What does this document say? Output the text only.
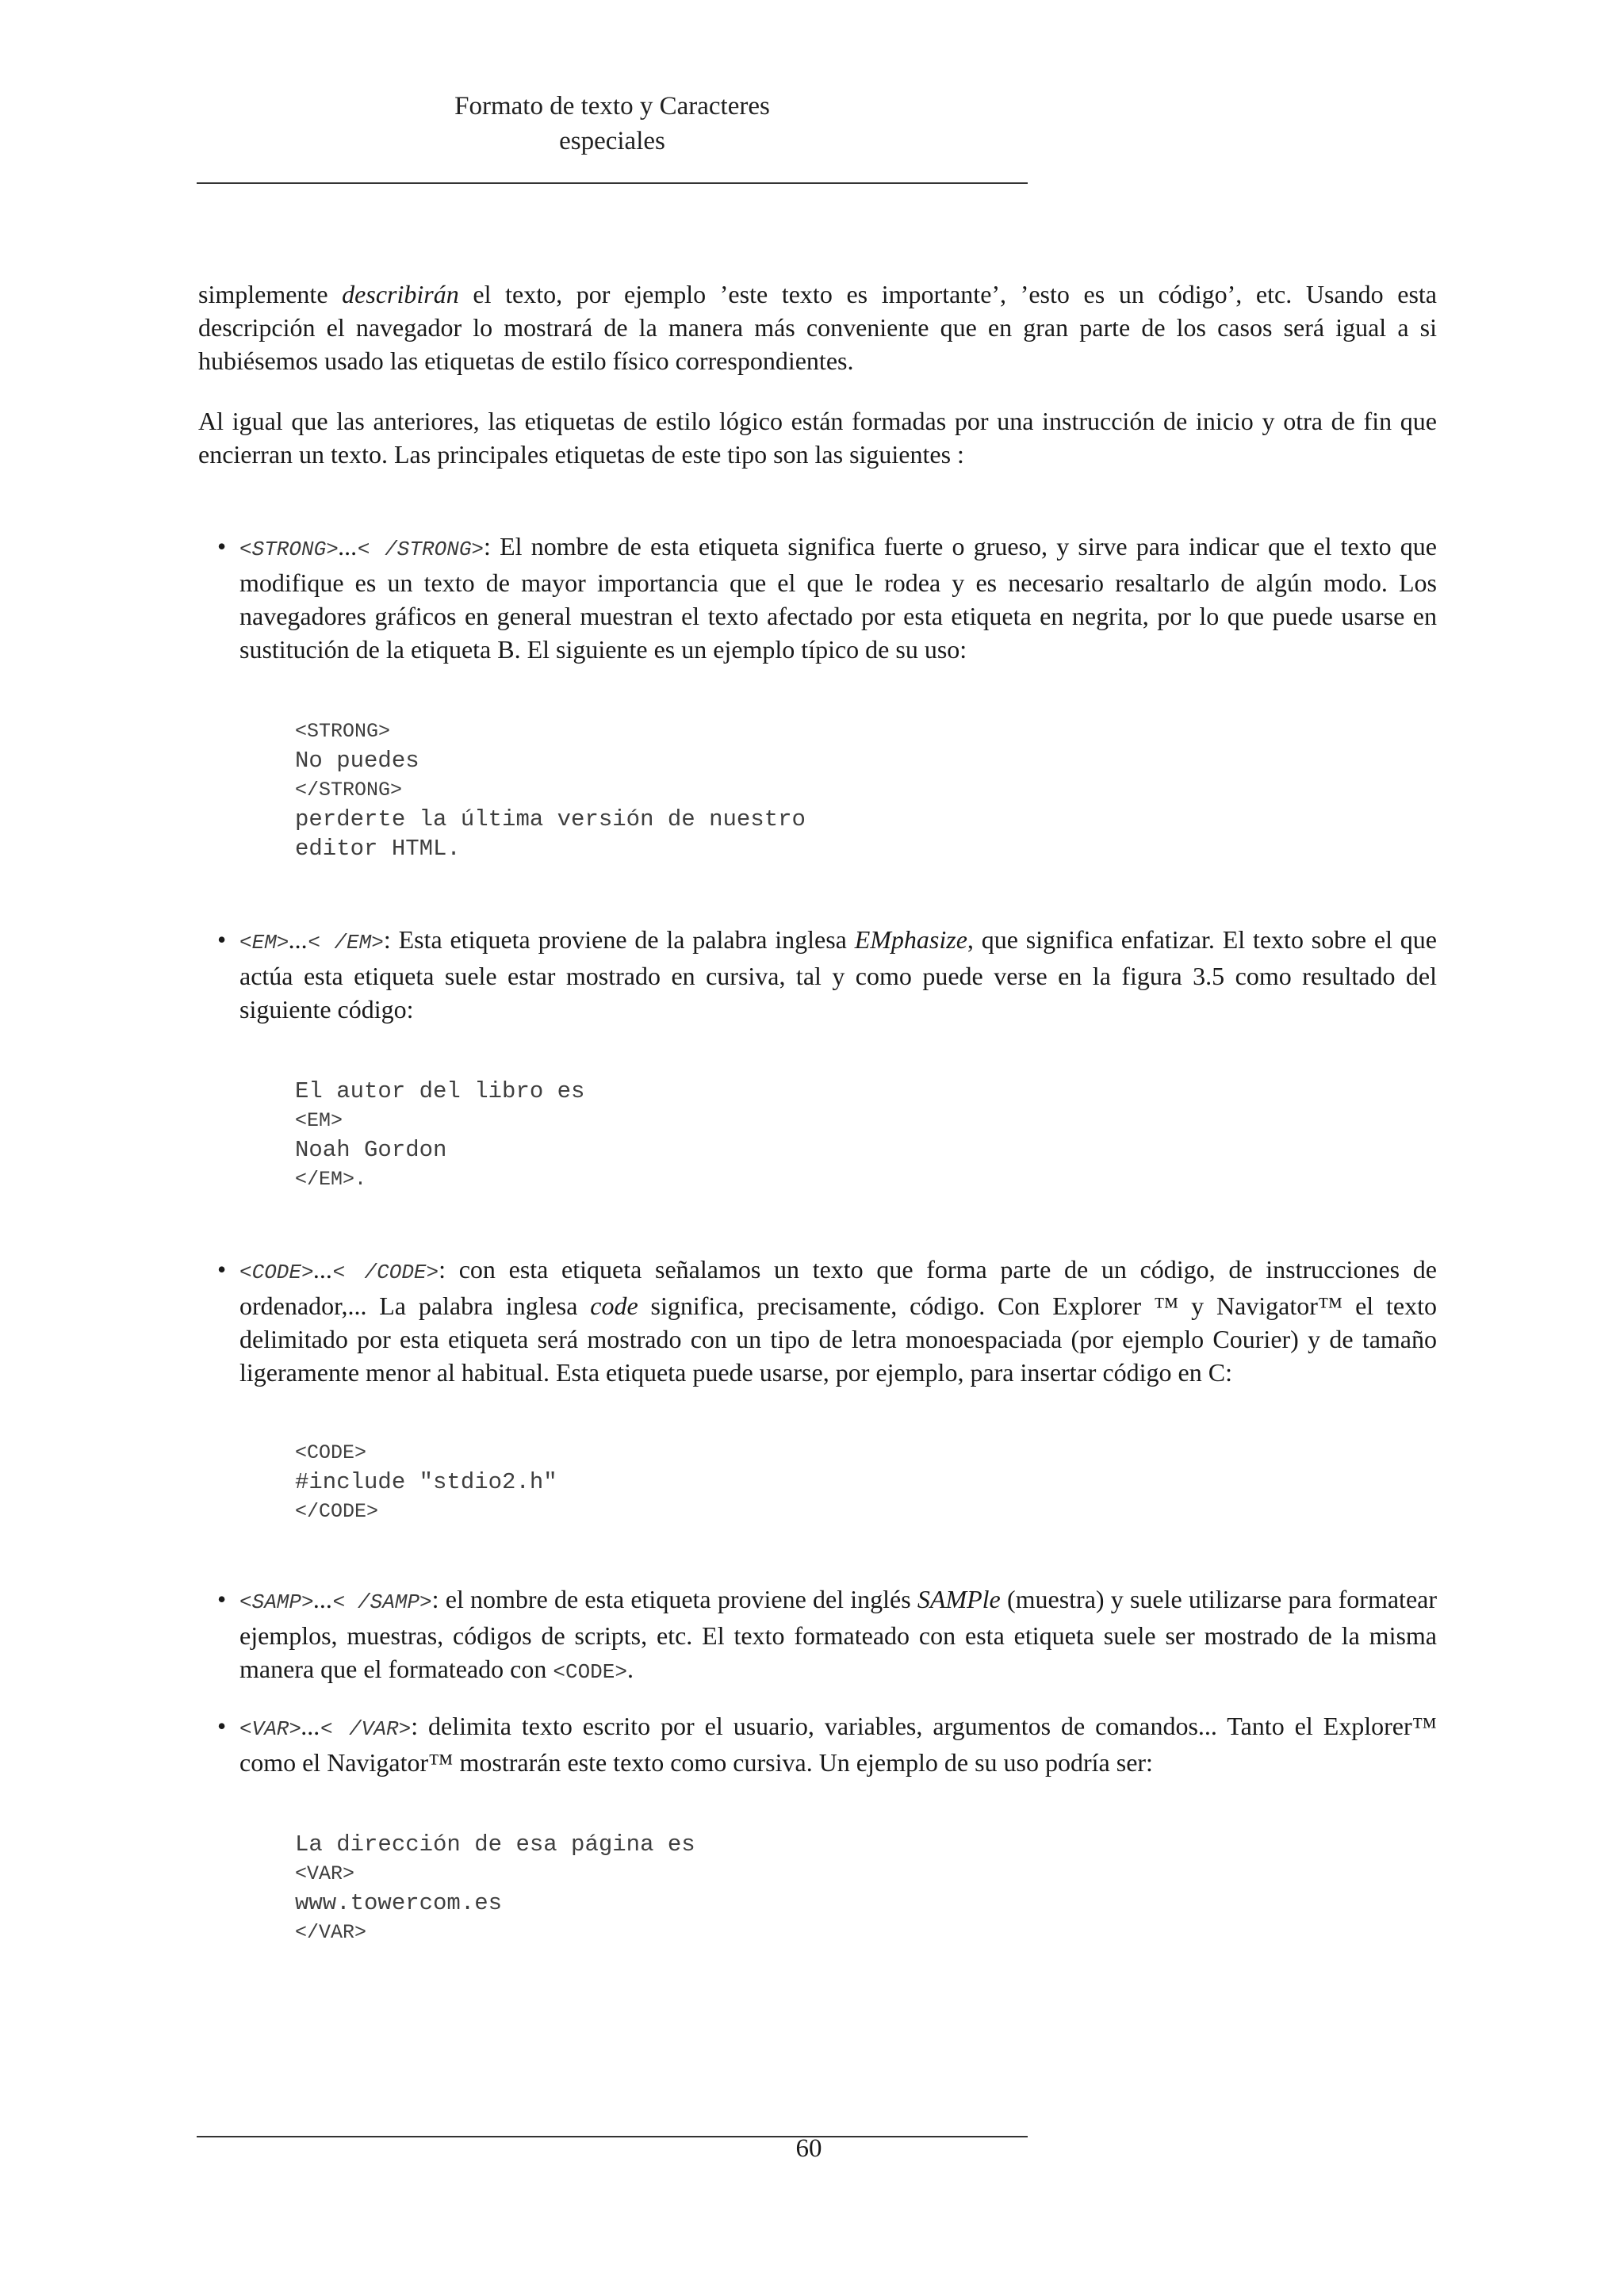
Formato de texto y Caracteres
especiales

simplemente describirán el texto, por ejemplo ’este texto es importante’, ’esto es un código’, etc. Usando esta descripción el navegador lo mostrará de la manera más conveniente que en gran parte de los casos será igual a si hubiésemos usado las etiquetas de estilo físico correspondientes.

Al igual que las anteriores, las etiquetas de estilo lógico están formadas por una instrucción de inicio y otra de fin que encierran un texto. Las principales etiquetas de este tipo son las siguientes :

• <STRONG>...< /STRONG>: El nombre de esta etiqueta significa fuerte o grueso, y sirve para indicar que el texto que modifique es un texto de mayor importancia que el que le rodea y es necesario resaltarlo de algún modo. Los navegadores gráficos en general muestran el texto afectado por esta etiqueta en negrita, por lo que puede usarse en sustitución de la etiqueta B. El siguiente es un ejemplo típico de su uso:

<STRONG>
No puedes
</STRONG>
perderte la última versión de nuestro
editor HTML.
• <EM>...< /EM>: Esta etiqueta proviene de la palabra inglesa EMphasize, que significa enfatizar. El texto sobre el que actúa esta etiqueta suele estar mostrado en cursiva, tal y como puede verse en la figura 3.5 como resultado del siguiente código:

El autor del libro es
<EM>
Noah Gordon
</EM>.
• <CODE>...< /CODE>: con esta etiqueta señalamos un texto que forma parte de un código, de instrucciones de ordenador,... La palabra inglesa code significa, precisamente, código. Con Explorer ™ y Navigator™ el texto delimitado por esta etiqueta será mostrado con un tipo de letra monoespaciada (por ejemplo Courier) y de tamaño ligeramente menor al habitual. Esta etiqueta puede usarse, por ejemplo, para insertar código en C:

<CODE>
#include "stdio2.h"
</CODE>
• <SAMP>...< /SAMP>: el nombre de esta etiqueta proviene del inglés SAMPle (muestra) y suele utilizarse para formatear ejemplos, muestras, códigos de scripts, etc. El texto formateado con esta etiqueta suele ser mostrado de la misma manera que el formateado con <CODE>.

• <VAR>...< /VAR>: delimita texto escrito por el usuario, variables, argumentos de comandos... Tanto el Explorer™ como el Navigator™ mostrarán este texto como cursiva. Un ejemplo de su uso podría ser:

La dirección de esa página es
<VAR>
www.towercom.es
</VAR>
60
